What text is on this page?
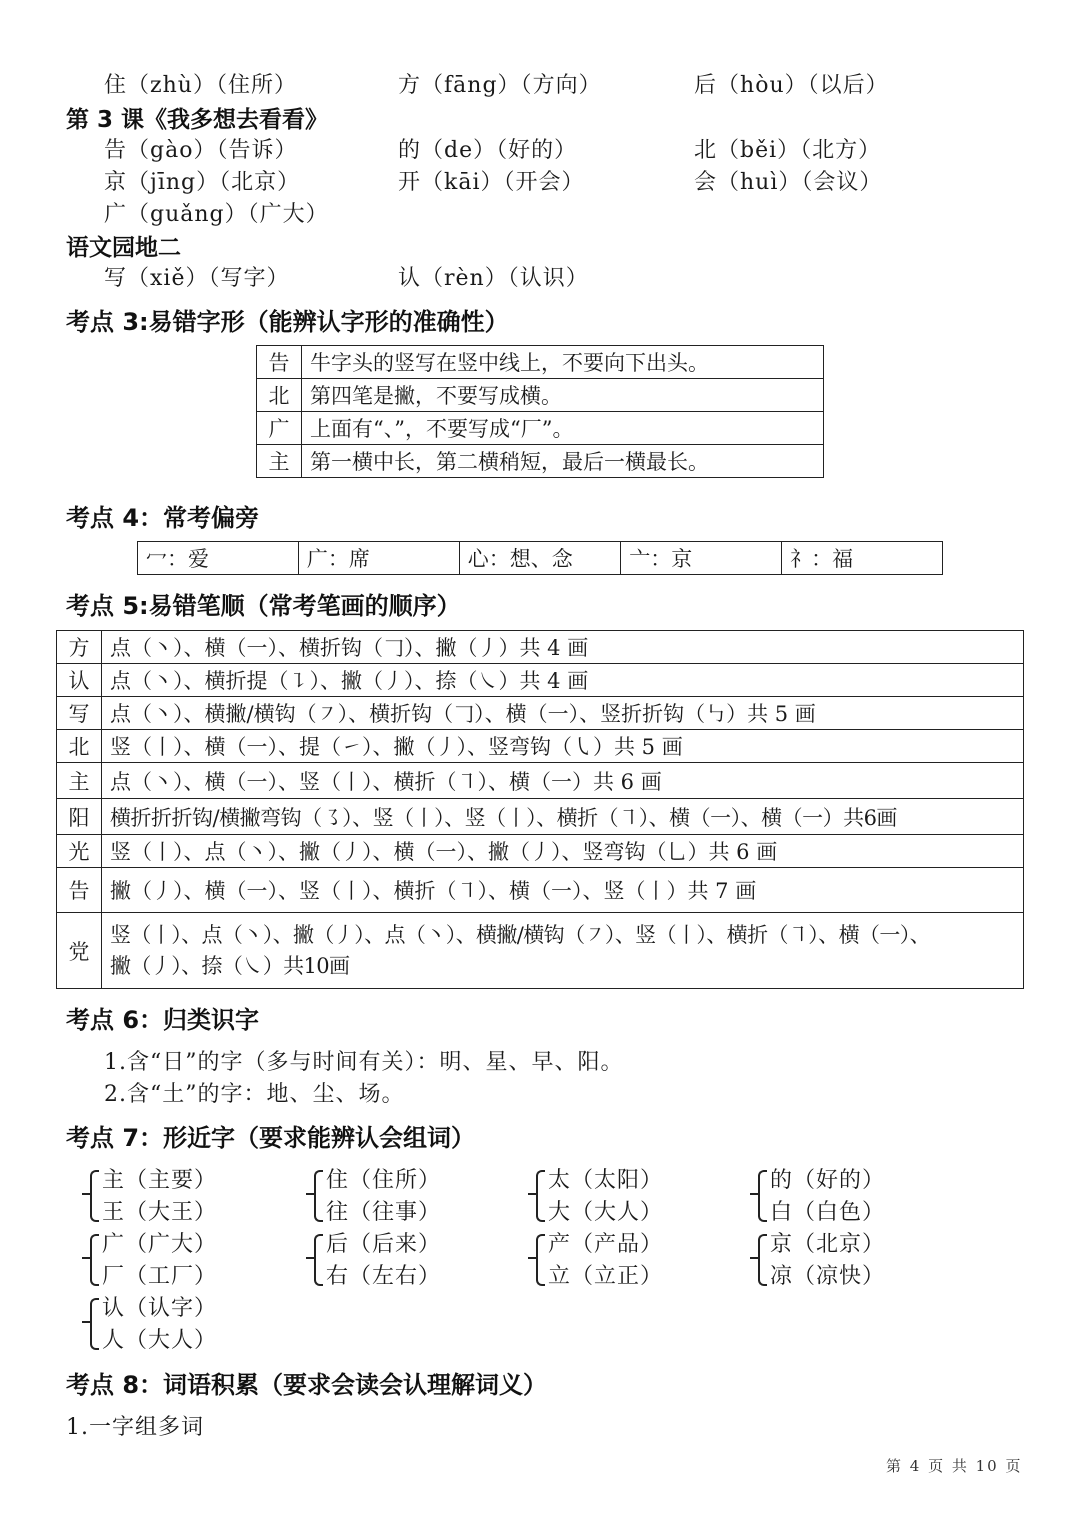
住（zhù）（住所）	方（fāng）（方向）	后（hòu）（以后）
第 3 课《我多想去看看》
告（gào）（告诉）	的（de）（好的）	北（běi）（北方）
京（jīng）（北京）	开（kāi）（开会）	会（huì）（会议）
广（guǎng）（广大）
语文园地二
写（xiě）（写字）	认（rèn）（认识）
考点 3:易错字形（能辨认字形的准确性）
告	牛字头的竖写在竖中线上，不要向下出头。
北	第四笔是撇，不要写成横。
广	上面有“、”，不要写成“厂”。
主	第一横中长，第二横稍短，最后一横最长。
考点 4：常考偏旁
冖：爱	广：席	心：想、念	亠：京	礻：福
考点 5:易错笔顺（常考笔画的顺序）
方	点（丶）、横（一）、横折钩（𠃌）、撇（丿）共 4 画
认	点（丶）、横折提（㇊）、撇（丿）、捺（㇏）共 4 画
写	点（丶）、横撇/横钩（㇇）、横折钩（𠃌）、横（一）、竖折折钩（㇉）共 5 画
北	竖（丨）、横（一）、提（㇀）、撇（丿）、竖弯钩（㇂）共 5 画
主	点（丶）、横（一）、竖（丨）、横折（㇕）、横（一）共 6 画
阳	横折折折钩/横撇弯钩（㇌）、竖（丨）、竖（丨）、横折（㇕）、横（一）、横（一）共6画
光	竖（丨）、点（丶）、撇（丿）、横（一）、撇（丿）、竖弯钩（乚）共 6 画
告	撇（丿）、横（一）、竖（丨）、横折（㇕）、横（一）、竖（丨）共 7 画
党	竖（丨）、点（丶）、撇（丿）、点（丶）、横撇/横钩（㇇）、竖（丨）、横折（㇕）、横（一）、
撇（丿）、捺（㇏）共10画
考点 6：归类识字
1.含“日”的字（多与时间有关）：明、星、早、阳。
2.含“土”的字：地、尘、场。
考点 7：形近字（要求能辨认会组词）
主（主要）
王（大王）
住（住所）
往（往事）
太（太阳）
大（大人）
的（好的）
白（白色）
广（广大）
厂（工厂）
后（后来）
右（左右）
产（产品）
立（立正）
京（北京）
凉（凉快）
认（认字）
人（大人）
考点 8：词语积累（要求会读会认理解词义）
1.一字组多词
第 4 页 共 10 页
